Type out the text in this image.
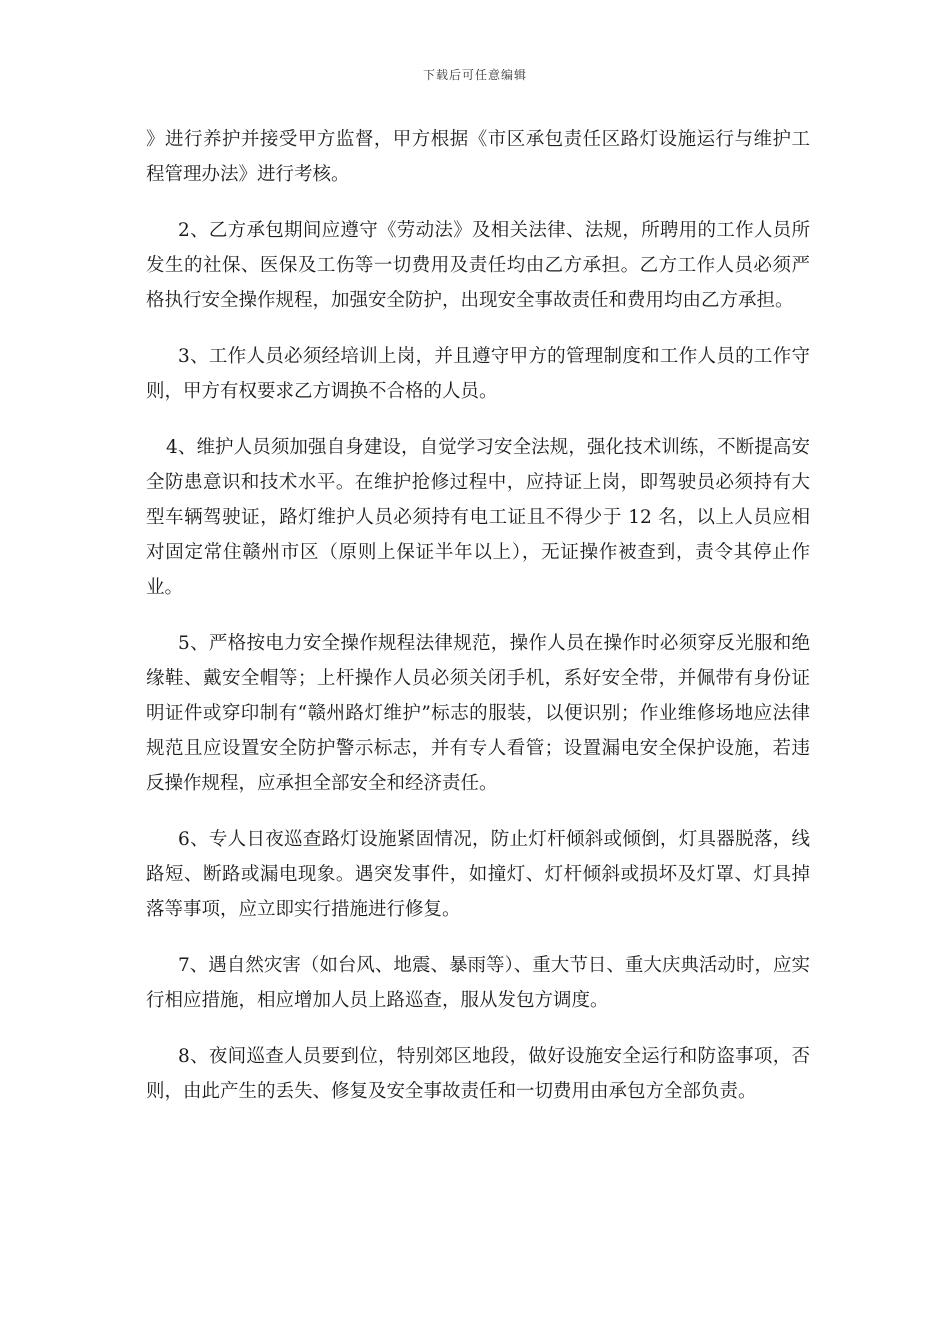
下载后可任意编辑

》进行养护并接受甲方监督，甲方根据《市区承包责任区路灯设施运行与维护工程管理办法》进行考核。

2、乙方承包期间应遵守《劳动法》及相关法律、法规，所聘用的工作人员所发生的社保、医保及工伤等一切费用及责任均由乙方承担。乙方工作人员必须严格执行安全操作规程，加强安全防护，出现安全事故责任和费用均由乙方承担。

3、工作人员必须经培训上岗，并且遵守甲方的管理制度和工作人员的工作守则，甲方有权要求乙方调换不合格的人员。

4、维护人员须加强自身建设，自觉学习安全法规，强化技术训练，不断提高安全防患意识和技术水平。在维护抢修过程中，应持证上岗，即驾驶员必须持有大型车辆驾驶证，路灯维护人员必须持有电工证且不得少于 12 名，以上人员应相对固定常住赣州市区（原则上保证半年以上），无证操作被查到，责令其停止作业。

5、严格按电力安全操作规程法律规范，操作人员在操作时必须穿反光服和绝缘鞋、戴安全帽等；上杆操作人员必须关闭手机，系好安全带，并佩带有身份证明证件或穿印制有“赣州路灯维护”标志的服装，以便识别；作业维修场地应法律规范且应设置安全防护警示标志，并有专人看管；设置漏电安全保护设施，若违反操作规程，应承担全部安全和经济责任。

6、专人日夜巡查路灯设施紧固情况，防止灯杆倾斜或倾倒，灯具器脱落，线路短、断路或漏电现象。遇突发事件，如撞灯、灯杆倾斜或损坏及灯罩、灯具掉落等事项，应立即实行措施进行修复。

7、遇自然灾害（如台风、地震、暴雨等）、重大节日、重大庆典活动时，应实行相应措施，相应增加人员上路巡查，服从发包方调度。

8、夜间巡查人员要到位，特别郊区地段，做好设施安全运行和防盗事项，否则，由此产生的丢失、修复及安全事故责任和一切费用由承包方全部负责。
